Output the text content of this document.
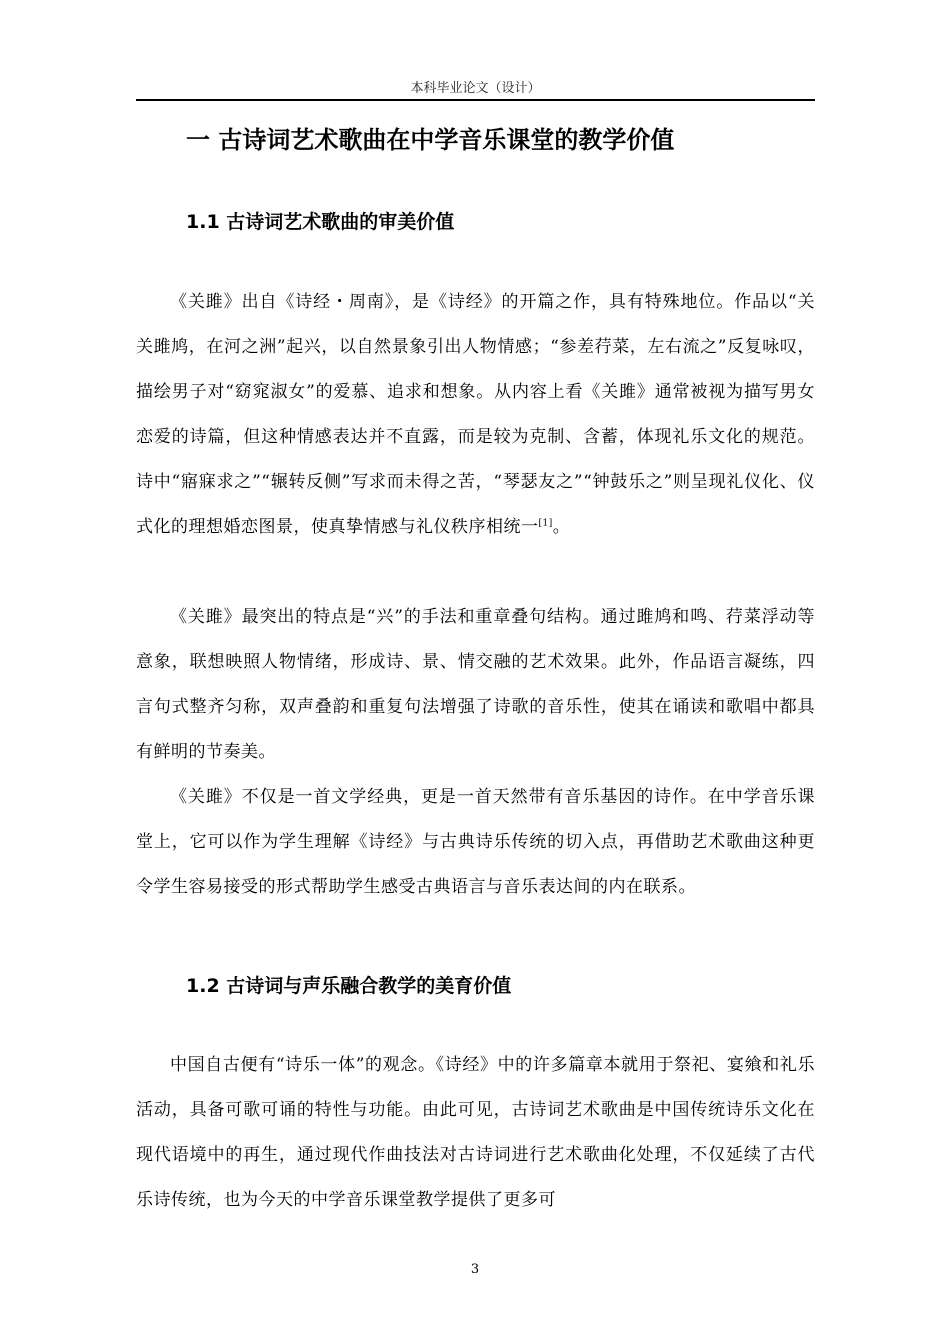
本科毕业论文（设计）
一 古诗词艺术歌曲在中学音乐课堂的教学价值
1.1 古诗词艺术歌曲的审美价值

《关雎》出自《诗经・周南》，是《诗经》的开篇之作，具有特殊地位。作品以“关关雎鸠，在河之洲”起兴，以自然景象引出人物情感；“参差荇菜，左右流之”反复咏叹，描绘男子对“窈窕淑女”的爱慕、追求和想象。从内容上看《关雎》通常被视为描写男女恋爱的诗篇，但这种情感表达并不直露，而是较为克制、含蓄，体现礼乐文化的规范。诗中“寤寐求之”“辗转反侧”写求而未得之苦，“琴瑟友之”“钟鼓乐之”则呈现礼仪化、仪式化的理想婚恋图景，使真挚情感与礼仪秩序相统一[1]。

《关雎》最突出的特点是“兴”的手法和重章叠句结构。通过雎鸠和鸣、荇菜浮动等意象，联想映照人物情绪，形成诗、景、情交融的艺术效果。此外，作品语言凝练，四言句式整齐匀称，双声叠韵和重复句法增强了诗歌的音乐性，使其在诵读和歌唱中都具有鲜明的节奏美。

《关雎》不仅是一首文学经典，更是一首天然带有音乐基因的诗作。在中学音乐课堂上，它可以作为学生理解《诗经》与古典诗乐传统的切入点，再借助艺术歌曲这种更令学生容易接受的形式帮助学生感受古典语言与音乐表达间的内在联系。

1.2 古诗词与声乐融合教学的美育价值

中国自古便有“诗乐一体”的观念。《诗经》中的许多篇章本就用于祭祀、宴飨和礼乐活动，具备可歌可诵的特性与功能。由此可见，古诗词艺术歌曲是中国传统诗乐文化在现代语境中的再生，通过现代作曲技法对古诗词进行艺术歌曲化处理，不仅延续了古代乐诗传统，也为今天的中学音乐课堂教学提供了更多可

3
